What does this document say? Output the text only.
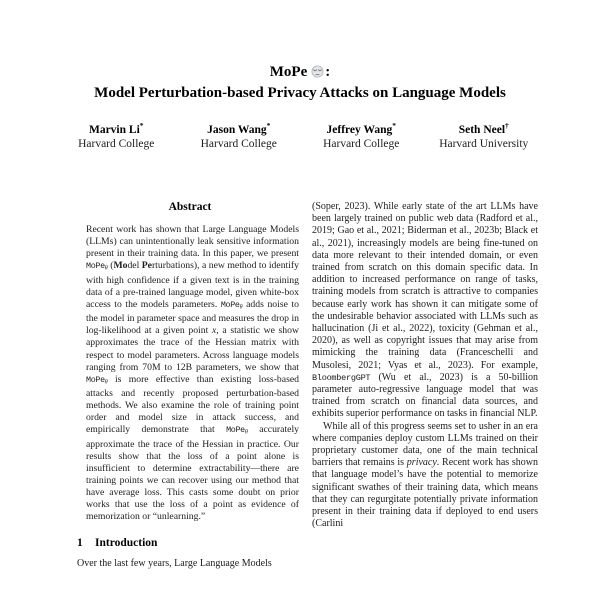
MoPe :
Model Perturbation-based Privacy Attacks on Language Models
Marvin Li*
Harvard College
Jason Wang*
Harvard College
Jeffrey Wang*
Harvard College
Seth Neel†
Harvard University
Abstract
Recent work has shown that Large Language Models (LLMs) can unintentionally leak sensitive information present in their training data. In this paper, we present MoPeθ (Model Perturbations), a new method to identify with high confidence if a given text is in the training data of a pre-trained language model, given white-box access to the models parameters. MoPeθ adds noise to the model in parameter space and measures the drop in log-likelihood at a given point x, a statistic we show approximates the trace of the Hessian matrix with respect to model parameters. Across language models ranging from 70M to 12B parameters, we show that MoPeθ is more effective than existing loss-based attacks and recently proposed perturbation-based methods. We also examine the role of training point order and model size in attack success, and empirically demonstrate that MoPeθ accurately approximate the trace of the Hessian in practice. Our results show that the loss of a point alone is insufficient to determine extractability—there are training points we can recover using our method that have average loss. This casts some doubt on prior works that use the loss of a point as evidence of memorization or “unlearning.”
1	Introduction

Over the last few years, Large Language Models

(Soper, 2023). While early state of the art LLMs have been largely trained on public web data (Radford et al., 2019; Gao et al., 2021; Biderman et al., 2023b; Black et al., 2021), increasingly models are being fine-tuned on data more relevant to their intended domain, or even trained from scratch on this domain specific data. In addition to increased performance on range of tasks, training models from scratch is attractive to companies because early work has shown it can mitigate some of the undesirable behavior associated with LLMs such as hallucination (Ji et al., 2022), toxicity (Gehman et al., 2020), as well as copyright issues that may arise from mimicking the training data (Franceschelli and Musolesi, 2021; Vyas et al., 2023). For example, BloombergGPT (Wu et al., 2023) is a 50-billion parameter auto-regressive language model that was trained from scratch on financial data sources, and exhibits superior performance on tasks in financial NLP.

While all of this progress seems set to usher in an era where companies deploy custom LLMs trained on their proprietary customer data, one of the main technical barriers that remains is privacy. Recent work has shown that language model’s have the potential to memorize significant swathes of their training data, which means that they can regurgitate potentially private information present in their training data if deployed to end users (Carlini
